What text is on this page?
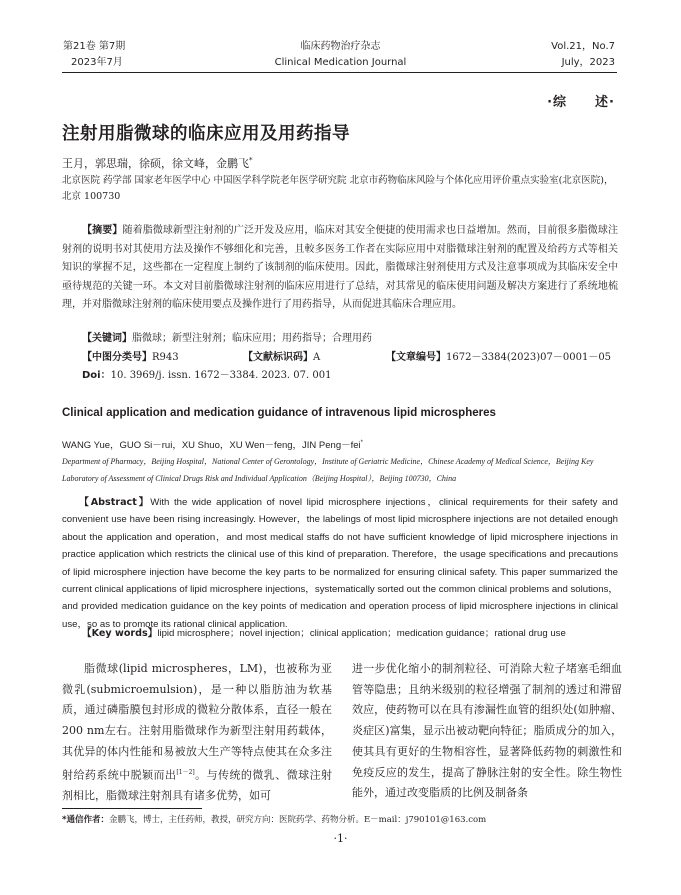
第21卷 第7期
2023年7月
临床药物治疗杂志
Clinical Medication Journal
Vol.21，No.7
July，2023
·综　　述·
注射用脂微球的临床应用及用药指导
王月，郭思瑞，徐硕，徐文峰，金鹏飞*
北京医院 药学部 国家老年医学中心 中国医学科学院老年医学研究院 北京市药物临床风险与个体化应用评价重点实验室(北京医院)，北京 100730
【摘要】随着脂微球新型注射剂的广泛开发及应用，临床对其安全便捷的使用需求也日益增加。然而，目前很多脂微球注射剂的说明书对其使用方法及操作不够细化和完善，且較多医务工作者在实际应用中对脂微球注射剂的配置及给药方式等相关知识的掌握不足，这些都在一定程度上制约了该制剂的临床使用。因此，脂微球注射剂使用方式及注意事项成为其临床安全中亟待规范的关键一环。本文对目前脂微球注射剂的临床应用进行了总结，对其常见的临床使用问题及解决方案进行了系统地梳理，并对脂微球注射剂的临床使用要点及操作进行了用药指导，从而促进其临床合理应用。
【关键词】脂微球；新型注射剂；临床应用；用药指导；合理用药
【中图分类号】R943	【文献标识码】A	【文章编号】1672－3384(2023)07－0001－05
Doi：10. 3969/j. issn. 1672－3384. 2023. 07. 001
Clinical application and medication guidance of intravenous lipid microspheres
WANG Yue，GUO Si－rui，XU Shuo，XU Wen－feng，JIN Peng－fei*
Department of Pharmacy，Beijing Hospital，National Center of Gerontology，Institute of Geriatric Medicine，Chinese Academy of Medical Science，Beijing Key Laboratory of Assessment of Clinical Drugs Risk and Individual Application（Beijing Hospital），Beijing 100730，China
【Abstract】With the wide application of novel lipid microsphere injections，clinical requirements for their safety and convenient use have been rising increasingly. However，the labelings of most lipid microsphere injections are not detailed enough about the application and operation，and most medical staffs do not have sufficient knowledge of lipid microsphere injections in practice application which restricts the clinical use of this kind of preparation. Therefore，the usage specifications and precautions of lipid microsphere injection have become the key parts to be normalized for ensuring clinical safety. This paper summarized the current clinical applications of lipid microsphere injections，systematically sorted out the common clinical problems and solutions，and provided medication guidance on the key points of medication and operation process of lipid microsphere injections in clinical use，so as to promote its rational clinical application.
【Key words】lipid microsphere；novel injection；clinical application；medication guidance；rational drug use
脂微球(lipid microspheres，LM)，也被称为亚微乳(submicroemulsion)，是一种以脂肪油为软基质，通过磷脂膜包封形成的微粒分散体系，直径一般在200 nm左右。注射用脂微球作为新型注射用药载体，其优异的体内性能和易被放大生产等特点使其在众多注射给药系统中脱颖而出[1－2]。与传统的微乳、微球注射剂相比，脂微球注射剂具有诸多优势，如可
进一步优化缩小的制剂粒径、可消除大粒子堵塞毛细血管等隐患；且纳米级别的粒径增强了制剂的透过和滞留效应，使药物可以在具有渗漏性血管的组织处(如肿瘤、炎症区)富集，显示出被动靶向特征；脂质成分的加入，使其具有更好的生物相容性，显著降低药物的刺激性和免疫反应的发生，提高了静脉注射的安全性。除生物性能外，通过改变脂质的比例及制备条
*通信作者：金鹏飞，博士，主任药师，教授，研究方向：医院药学、药物分析。E－mail：j790101@163.com
·1·
